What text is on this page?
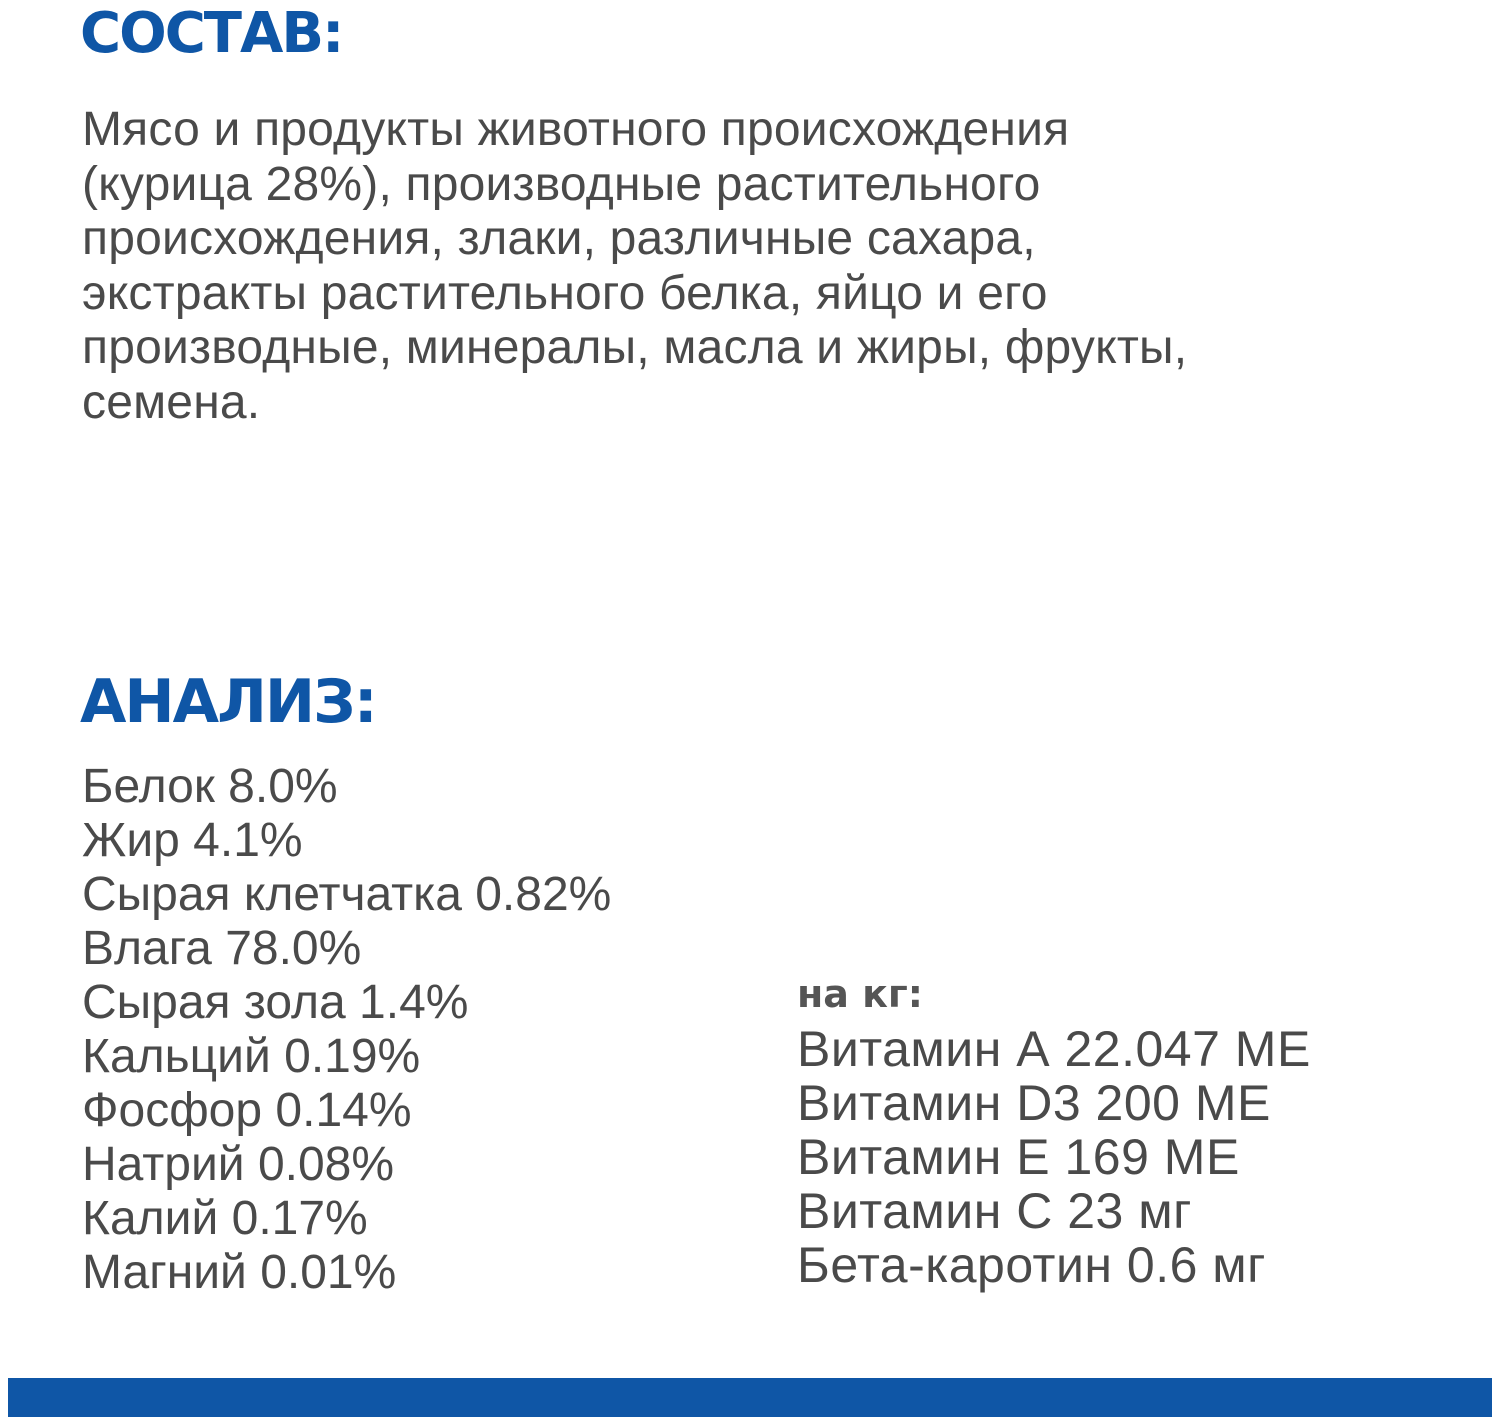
СОСТАВ:

Мясо и продукты животного происхождения
(курица 28%), производные растительного
происхождения, злаки, различные сахара,
экстракты растительного белка, яйцо и его
производные, минералы, масла и жиры, фрукты,
семена.

АНАЛИЗ:
Белок 8.0%
Жир 4.1%
Сырая клетчатка 0.82%
Влага 78.0%
Сырая зола 1.4%
Кальций 0.19%
Фосфор 0.14%
Натрий 0.08%
Калий 0.17%
Магний 0.01%
на кг:
Витамин А 22.047 МЕ
Витамин D3 200 МЕ
Витамин Е 169 МЕ
Витамин С 23 мг
Бета-каротин 0.6 мг
